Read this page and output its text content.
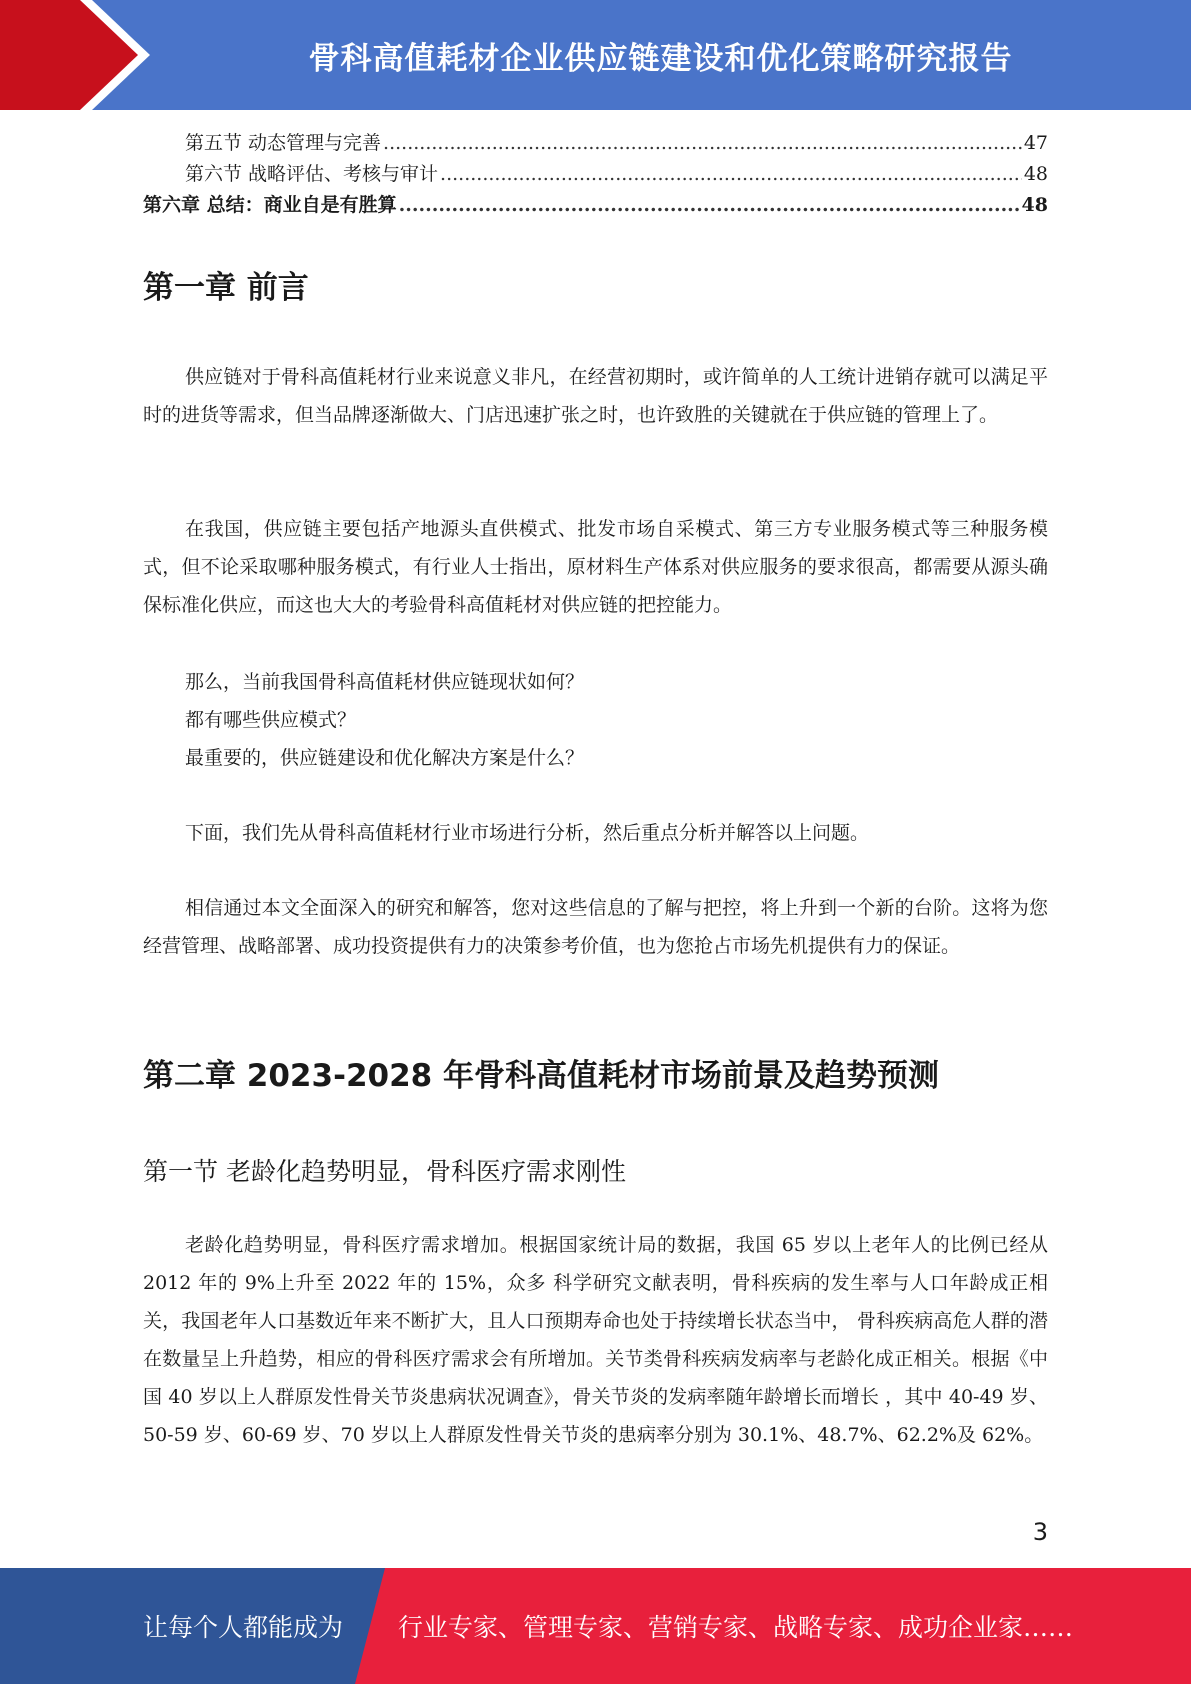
骨科高值耗材企业供应链建设和优化策略研究报告
第五节 动态管理与完善 .....	47
第六节 战略评估、考核与审计 .....	48
第六章 总结：商业自是有胜算 .....	48
第一章 前言

供应链对于骨科高值耗材行业来说意义非凡，在经营初期时，或许简单的人工统计进销存就可以满足平时的进货等需求，但当品牌逐渐做大、门店迅速扩张之时，也许致胜的关键就在于供应链的管理上了。

在我国，供应链主要包括产地源头直供模式、批发市场自采模式、第三方专业服务模式等三种服务模式，但不论采取哪种服务模式，有行业人士指出，原材料生产体系对供应服务的要求很高，都需要从源头确保标准化供应，而这也大大的考验骨科高值耗材对供应链的把控能力。

那么，当前我国骨科高值耗材供应链现状如何？

都有哪些供应模式？

最重要的，供应链建设和优化解决方案是什么？

下面，我们先从骨科高值耗材行业市场进行分析，然后重点分析并解答以上问题。

相信通过本文全面深入的研究和解答，您对这些信息的了解与把控，将上升到一个新的台阶。这将为您经营管理、战略部署、成功投资提供有力的决策参考价值，也为您抢占市场先机提供有力的保证。

第二章 2023-2028 年骨科高值耗材市场前景及趋势预测
第一节 老龄化趋势明显，骨科医疗需求刚性

老龄化趋势明显，骨科医疗需求增加。根据国家统计局的数据，我国 65 岁以上老年人的比例已经从 2012 年的 9%上升至 2022 年的 15%，众多 科学研究文献表明，骨科疾病的发生率与人口年龄成正相关，我国老年人口基数近年来不断扩大，且人口预期寿命也处于持续增长状态当中， 骨科疾病高危人群的潜在数量呈上升趋势，相应的骨科医疗需求会有所增加。关节类骨科疾病发病率与老龄化成正相关。根据《中国 40 岁以上人群原发性骨关节炎患病状况调查》，骨关节炎的发病率随年龄增长而增长 ，其中 40-49 岁、50-59 岁、60-69 岁、70 岁以上人群原发性骨关节炎的患病率分别为 30.1%、48.7%、62.2%及 62%。

3
让每个人都能成为 行业专家、管理专家、营销专家、战略专家、成功企业家……
